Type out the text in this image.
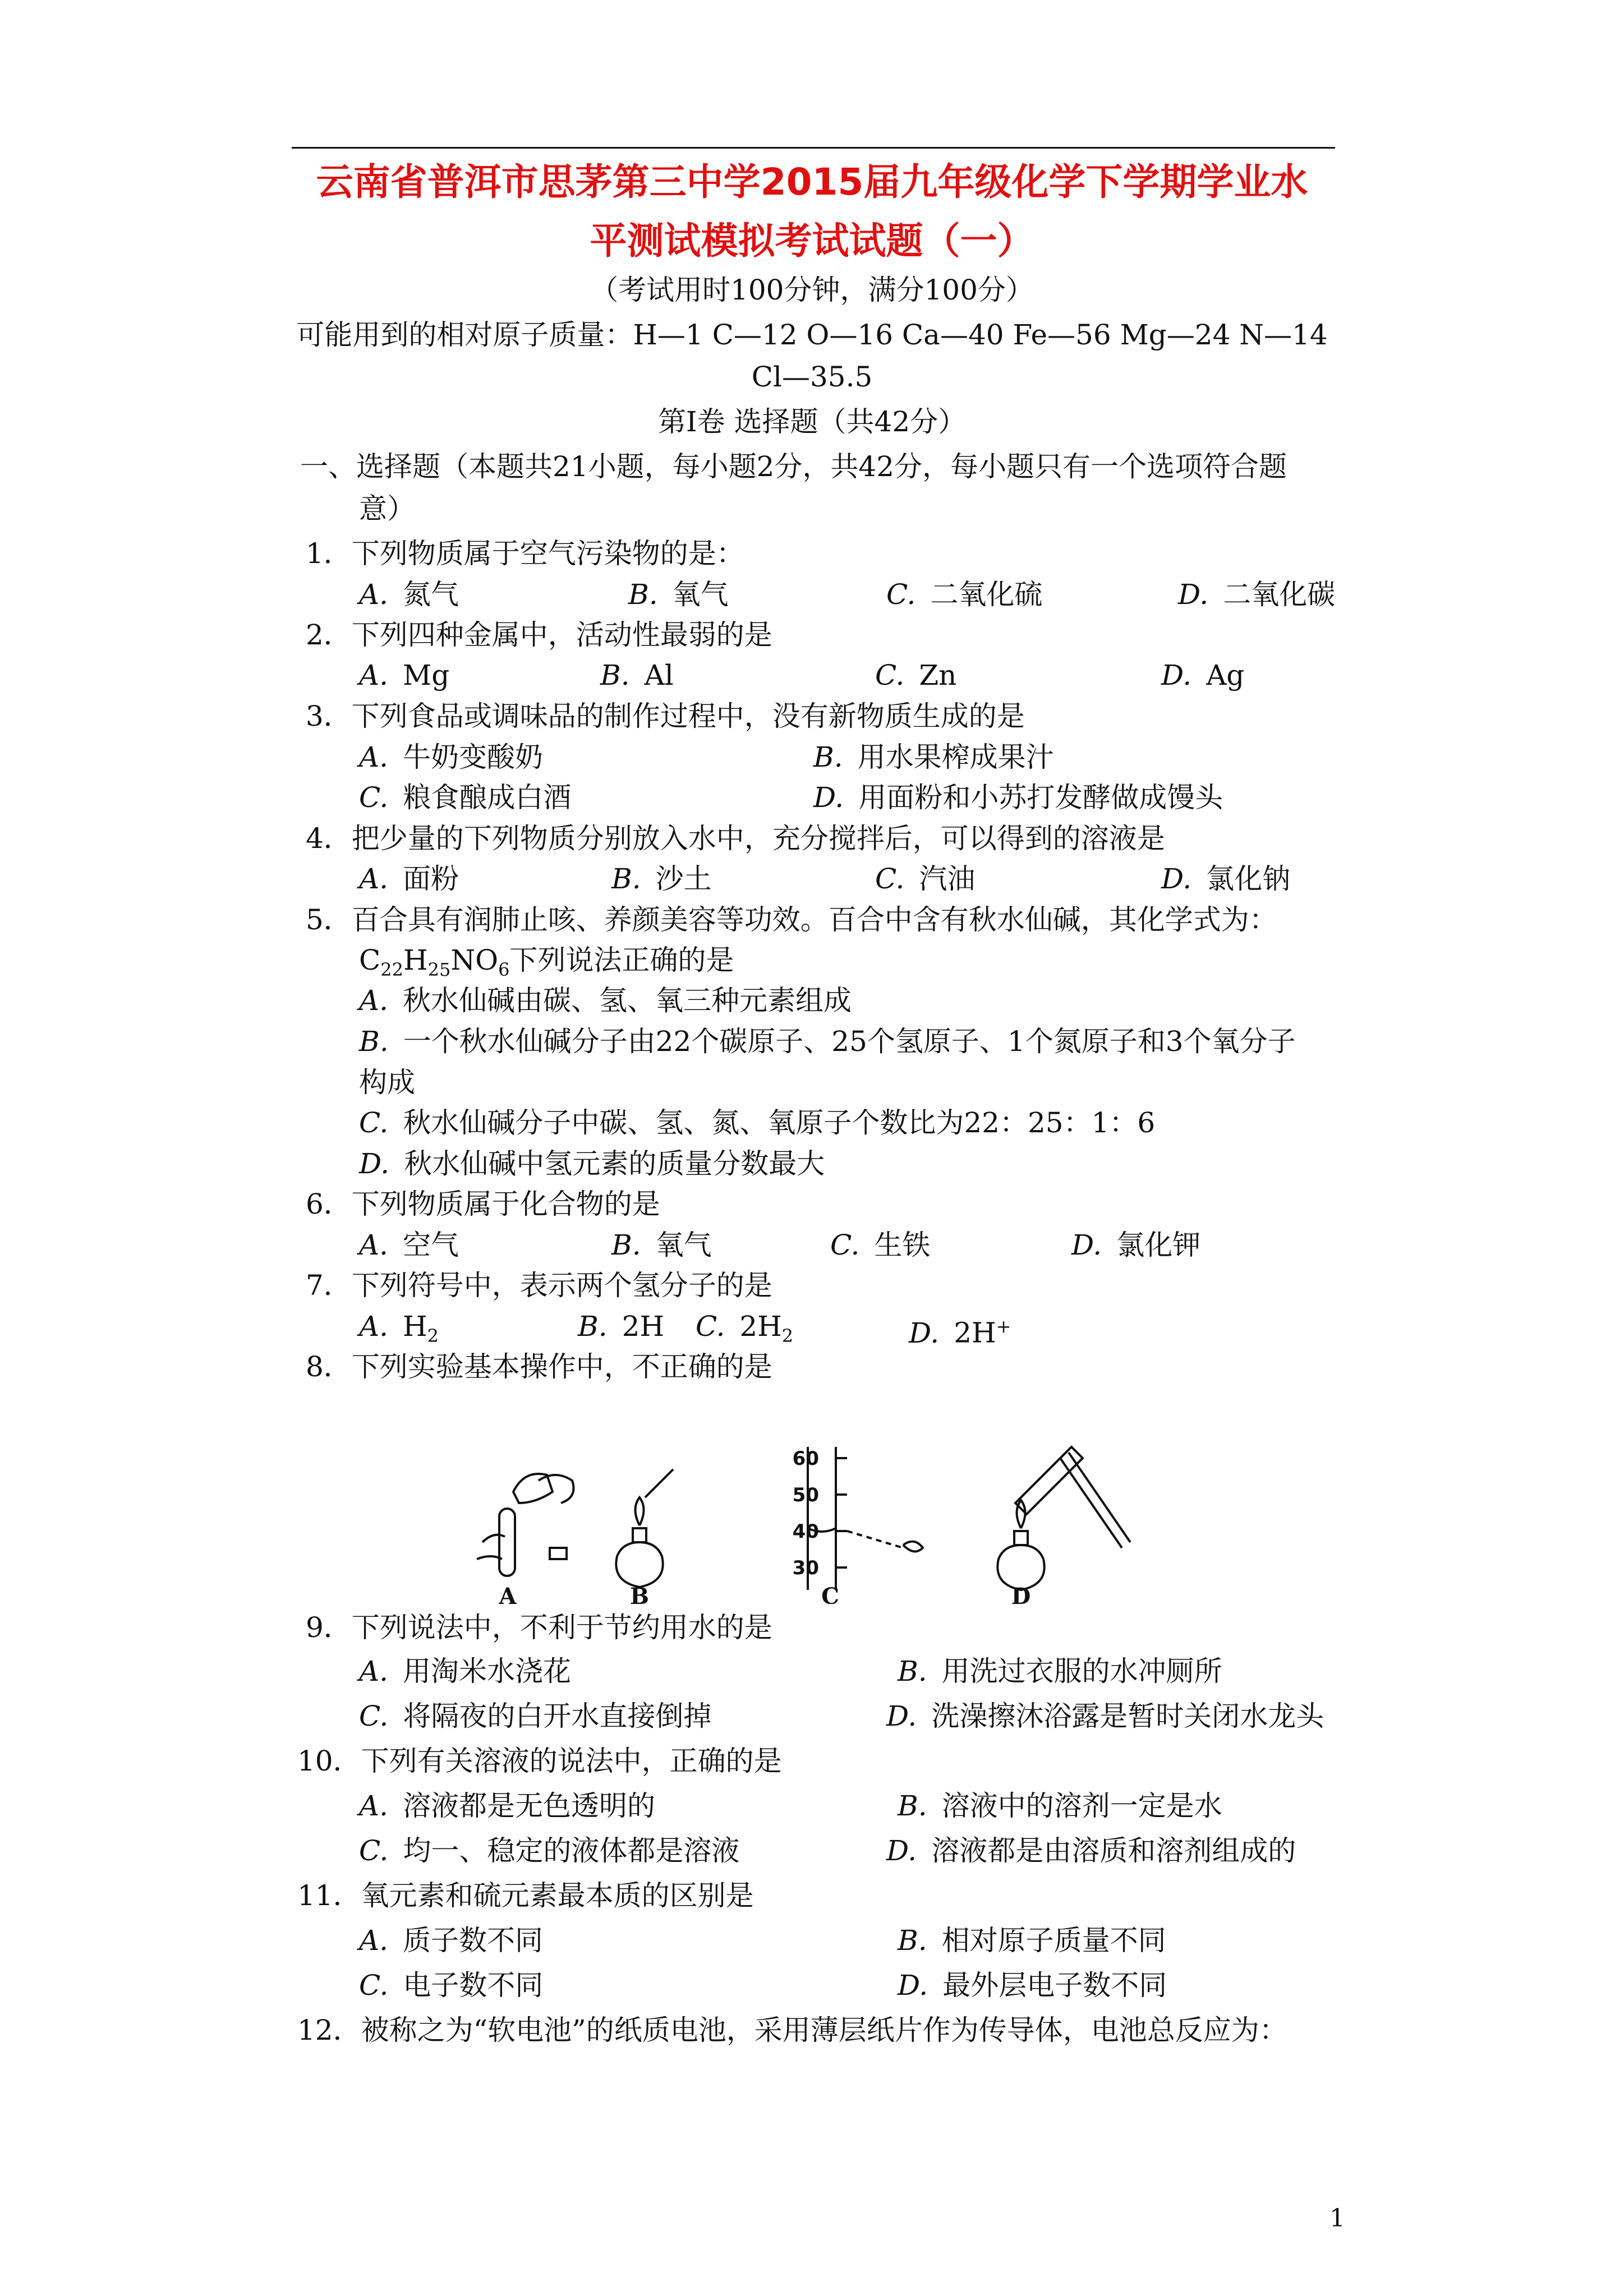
云南省普洱市思茅第三中学2015届九年级化学下学期学业水
平测试模拟考试试题（一）
（考试用时100分钟，满分100分）
可能用到的相对原子质量：H—1 C—12 O—16 Ca—40 Fe—56 Mg—24 N—14
Cl—35.5
第Ⅰ卷 选择题（共42分）
一、选择题（本题共21小题，每小题2分，共42分，每小题只有一个选项符合题
意）
1．下列物质属于空气污染物的是：
A. 氮气	B. 氧气	C. 二氧化硫	D. 二氧化碳
2．下列四种金属中，活动性最弱的是
A. Mg	B. Al	C. Zn	D. Ag
3．下列食品或调味品的制作过程中，没有新物质生成的是
A. 牛奶变酸奶	B. 用水果榨成果汁
C. 粮食酿成白酒	D. 用面粉和小苏打发酵做成馒头
4．把少量的下列物质分别放入水中，充分搅拌后，可以得到的溶液是
A. 面粉	B. 沙土	C. 汽油	D. 氯化钠
5．百合具有润肺止咳、养颜美容等功效。百合中含有秋水仙碱，其化学式为：
$C_{22}H_{25}NO_6$下列说法正确的是
A. 秋水仙碱由碳、氢、氧三种元素组成
B. 一个秋水仙碱分子由22个碳原子、25个氢原子、1个氮原子和3个氧分子
构成
C. 秋水仙碱分子中碳、氢、氮、氧原子个数比为22：25：1：6
D. 秋水仙碱中氢元素的质量分数最大
6．下列物质属于化合物的是
A. 空气	B. 氧气	C. 生铁	D. 氯化钾
7．下列符号中，表示两个氢分子的是
A. $H_2$	B. 2H C. $2H_2$	D. 2H+
8．下列实验基本操作中，不正确的是
60
50
40
30
A	B	C	D
9．下列说法中，不利于节约用水的是
A. 用淘米水浇花	B. 用洗过衣服的水冲厕所
C. 将隔夜的白开水直接倒掉	D. 洗澡擦沐浴露是暂时关闭水龙头
10．下列有关溶液的说法中，正确的是
A. 溶液都是无色透明的	B. 溶液中的溶剂一定是水
C. 均一、稳定的液体都是溶液	D. 溶液都是由溶质和溶剂组成的
11．氧元素和硫元素最本质的区别是
A. 质子数不同	B. 相对原子质量不同
C. 电子数不同	D. 最外层电子数不同
12．被称之为“软电池”的纸质电池，采用薄层纸片作为传导体，电池总反应为：
1
